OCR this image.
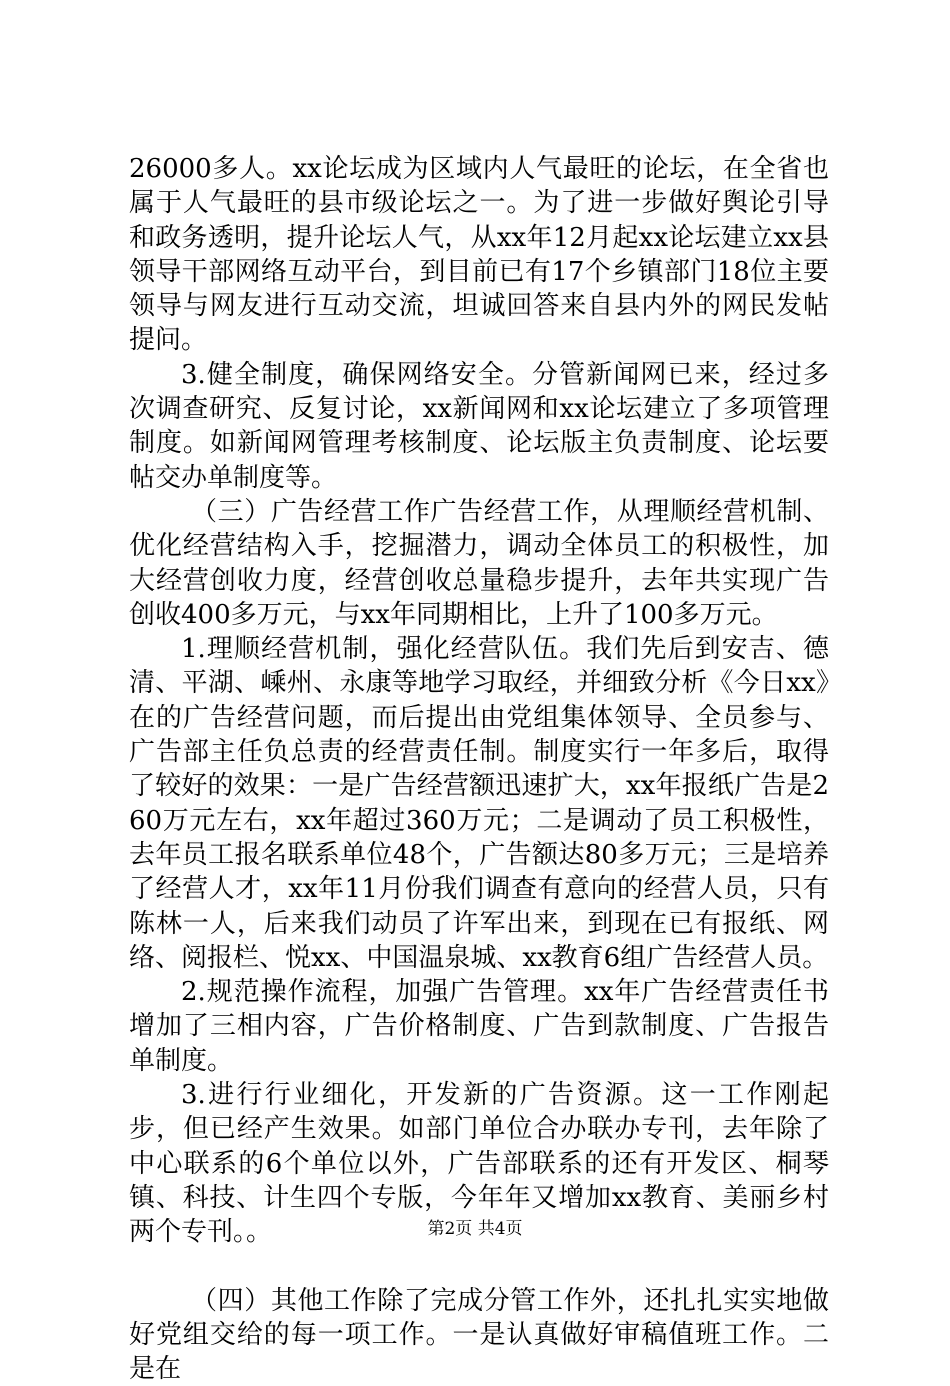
26000多人。xx论坛成为区域内人气最旺的论坛，在全省也属于人气最旺的县市级论坛之一。为了进一步做好舆论引导和政务透明，提升论坛人气，从xx年12月起xx论坛建立xx县领导干部网络互动平台，到目前已有17个乡镇部门18位主要领导与网友进行互动交流，坦诚回答来自县内外的网民发帖提问。

3.健全制度，确保网络安全。分管新闻网已来，经过多次调查研究、反复讨论，xx新闻网和xx论坛建立了多项管理制度。如新闻网管理考核制度、论坛版主负责制度、论坛要帖交办单制度等。

（三）广告经营工作广告经营工作，从理顺经营机制、优化经营结构入手，挖掘潜力，调动全体员工的积极性，加大经营创收力度，经营创收总量稳步提升，去年共实现广告创收400多万元，与xx年同期相比，上升了100多万元。

1.理顺经营机制，强化经营队伍。我们先后到安吉、德清、平湖、嵊州、永康等地学习取经，并细致分析《今日xx》在的广告经营问题，而后提出由党组集体领导、全员参与、广告部主任负总责的经营责任制。制度实行一年多后，取得了较好的效果：一是广告经营额迅速扩大，xx年报纸广告是260万元左右，xx年超过360万元；二是调动了员工积极性，去年员工报名联系单位48个，广告额达80多万元；三是培养了经营人才，xx年11月份我们调查有意向的经营人员，只有陈林一人，后来我们动员了许军出来，到现在已有报纸、网络、阅报栏、悦xx、中国温泉城、xx教育6组广告经营人员。

2.规范操作流程，加强广告管理。xx年广告经营责任书增加了三相内容，广告价格制度、广告到款制度、广告报告单制度。

3.进行行业细化，开发新的广告资源。这一工作刚起步，但已经产生效果。如部门单位合办联办专刊，去年除了中心联系的6个单位以外，广告部联系的还有开发区、桐琴镇、科技、计生四个专版，今年年又增加xx教育、美丽乡村两个专刊。。

（四）其他工作除了完成分管工作外，还扎扎实实地做好党组交给的每一项工作。一是认真做好审稿值班工作。二是在

第2页 共4页
